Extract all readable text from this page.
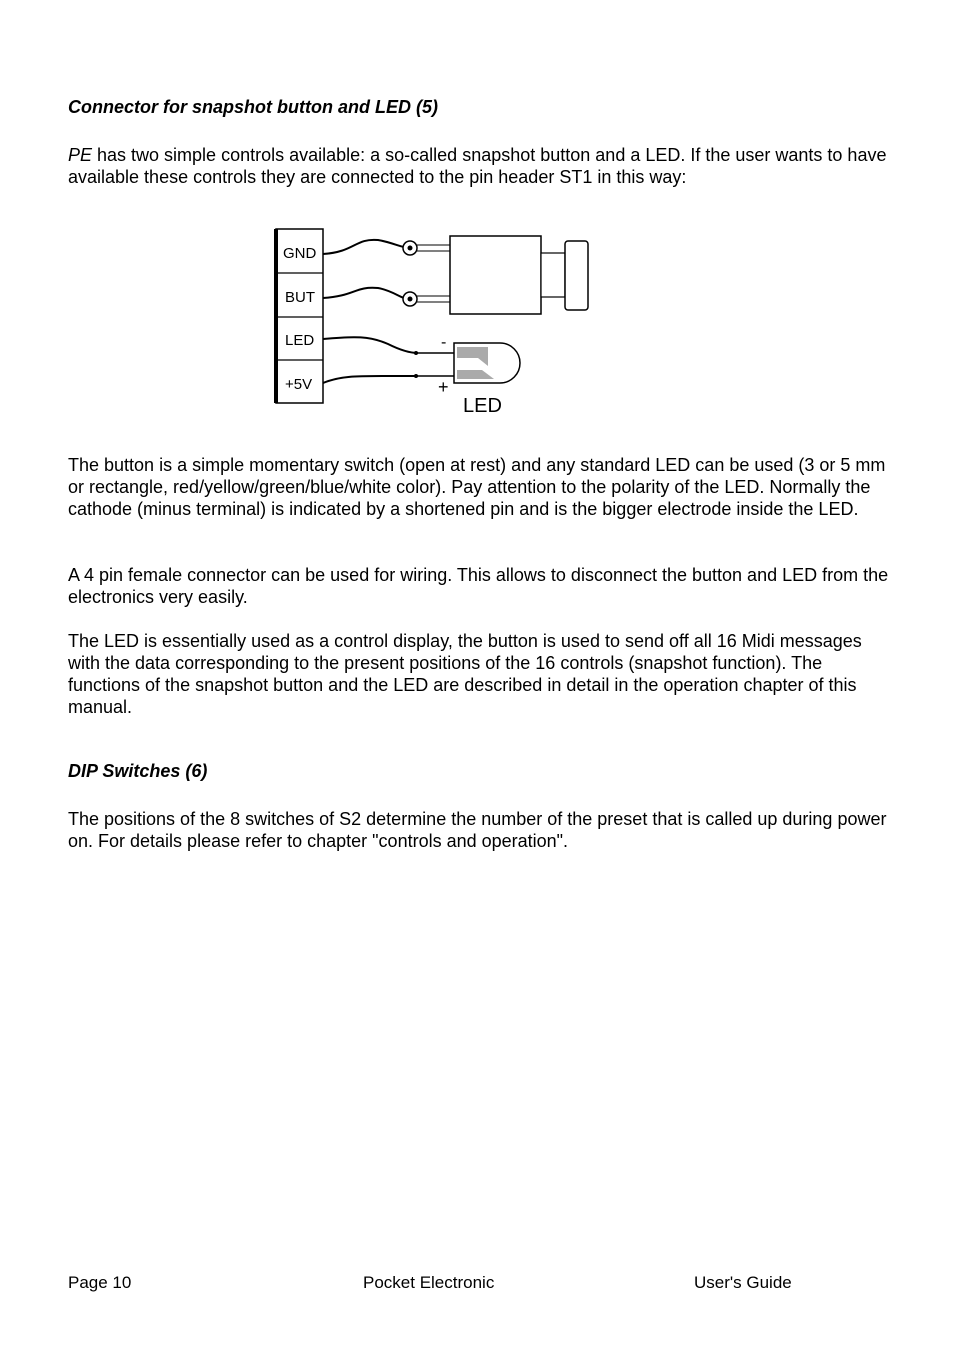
Connector for snapshot button and LED (5)

PE has two simple controls available: a so-called snapshot button and a LED. If the user wants to have available these controls they are connected to the pin header ST1 in this way:

GND
BUT
LED
+5V
-
+
LED

The button is a simple momentary switch (open at rest) and any standard LED can be used (3 or 5 mm or rectangle, red/yellow/green/blue/white color). Pay attention to the polarity of the LED. Normally the cathode (minus terminal) is indicated by a shortened pin and is the bigger electrode inside the LED.

A 4 pin female connector can be used for wiring. This allows to disconnect the button and LED from the electronics very easily.

The LED is essentially used as a control display, the button is used to send off all 16 Midi messages with the data corresponding to the present positions of the 16 controls (snapshot function). The functions of the snapshot button and the LED are described in detail in the operation chapter of this manual.

DIP Switches (6)

The positions of the 8 switches of S2 determine the number of the preset that is called up during power on. For details please refer to chapter "controls and operation".

Page 10	Pocket Electronic	User's Guide
